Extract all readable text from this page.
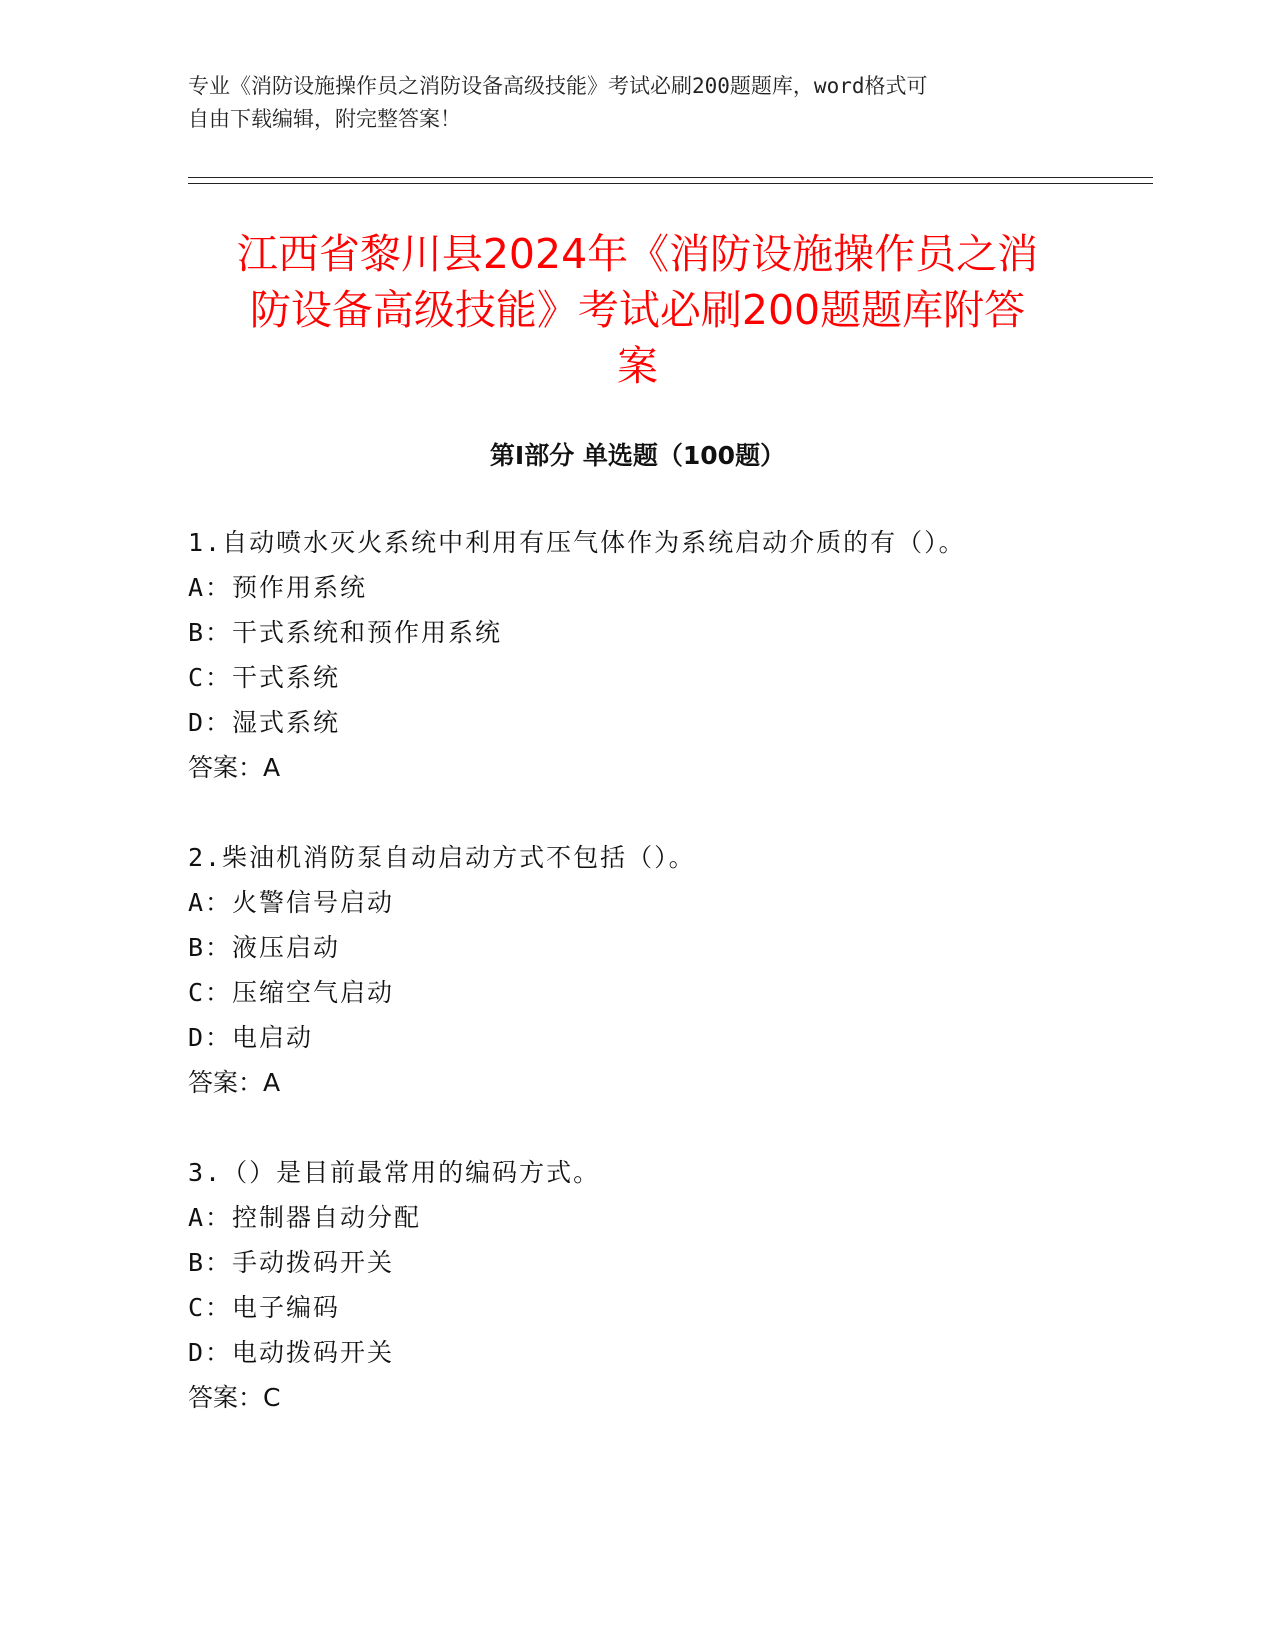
专业《消防设施操作员之消防设备高级技能》考试必刷200题题库，word格式可
自由下载编辑，附完整答案！
江西省黎川县2024年《消防设施操作员之消
防设备高级技能》考试必刷200题题库附答
案
第Ⅰ部分 单选题（100题）
1.自动喷水灭火系统中利用有压气体作为系统启动介质的有（）。
A：预作用系统
B：干式系统和预作用系统
C：干式系统
D：湿式系统
答案：A
2.柴油机消防泵自动启动方式不包括（）。
A：火警信号启动
B：液压启动
C：压缩空气启动
D：电启动
答案：A
3.（）是目前最常用的编码方式。
A：控制器自动分配
B：手动拨码开关
C：电子编码
D：电动拨码开关
答案：C
